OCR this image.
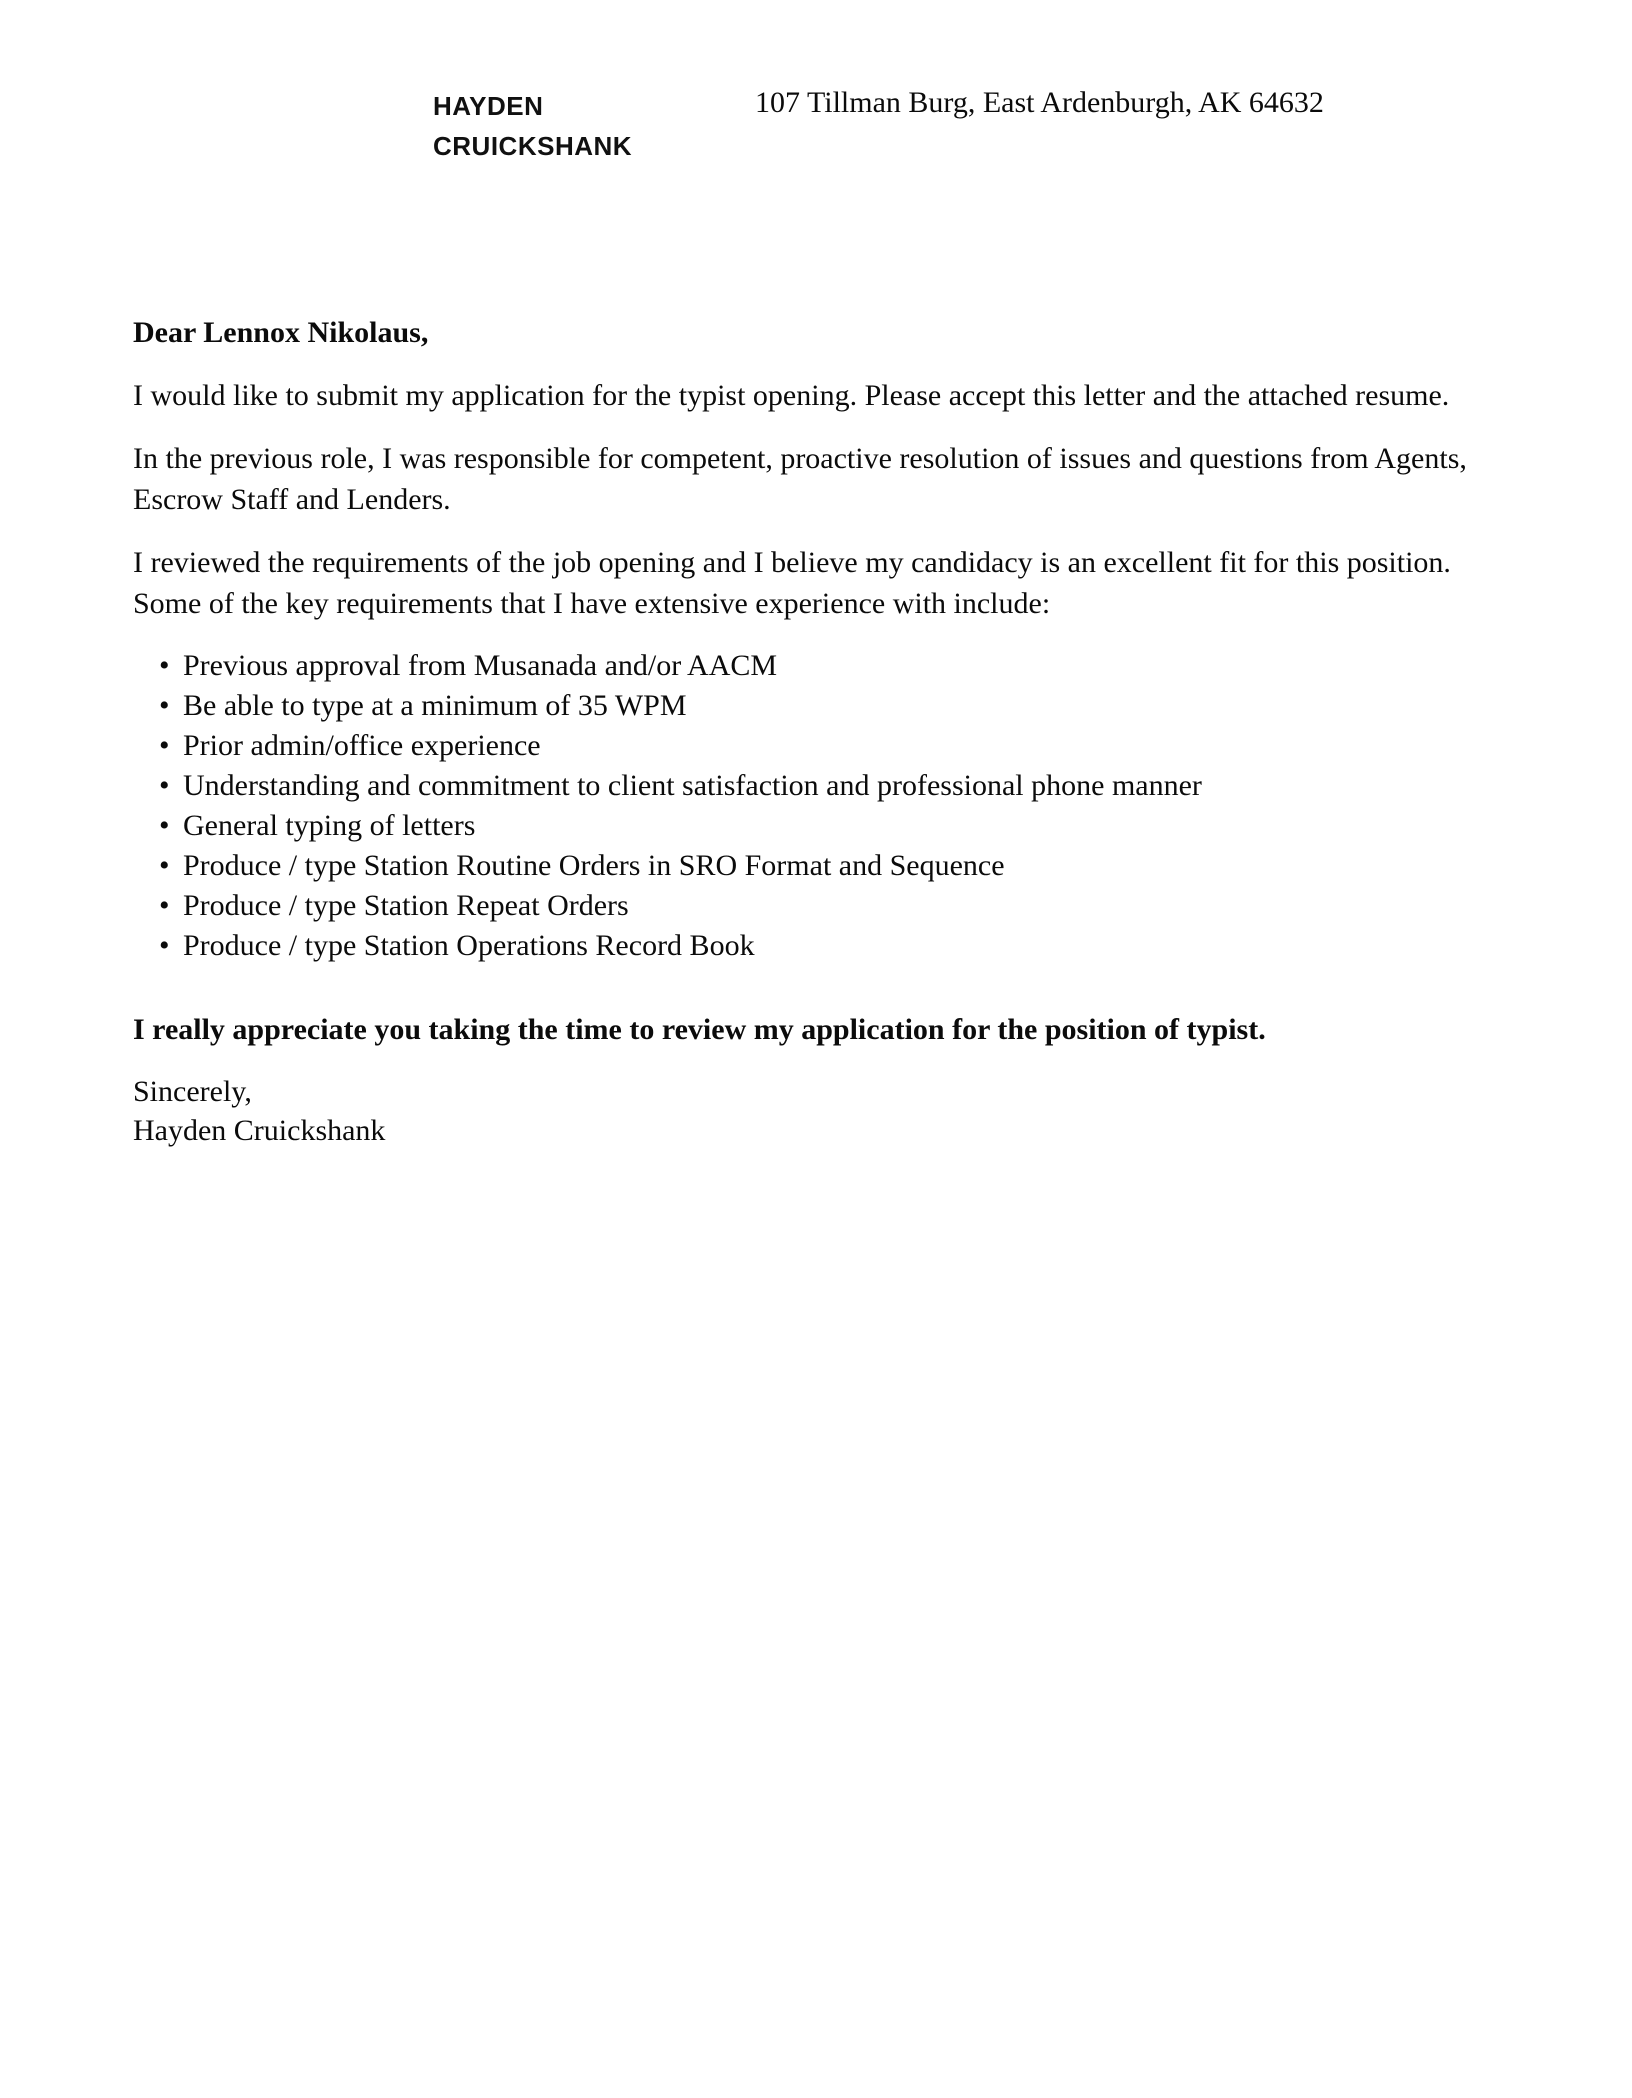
HAYDEN
CRUICKSHANK
107 Tillman Burg, East Ardenburgh, AK 64632

Dear Lennox Nikolaus,

I would like to submit my application for the typist opening. Please accept this letter and the attached resume.

In the previous role, I was responsible for competent, proactive resolution of issues and questions from Agents, Escrow Staff and Lenders.

I reviewed the requirements of the job opening and I believe my candidacy is an excellent fit for this position. Some of the key requirements that I have extensive experience with include:

• Previous approval from Musanada and/or AACM
• Be able to type at a minimum of 35 WPM
• Prior admin/office experience
• Understanding and commitment to client satisfaction and professional phone manner
• General typing of letters
• Produce / type Station Routine Orders in SRO Format and Sequence
• Produce / type Station Repeat Orders
• Produce / type Station Operations Record Book

I really appreciate you taking the time to review my application for the position of typist.

Sincerely,
Hayden Cruickshank
